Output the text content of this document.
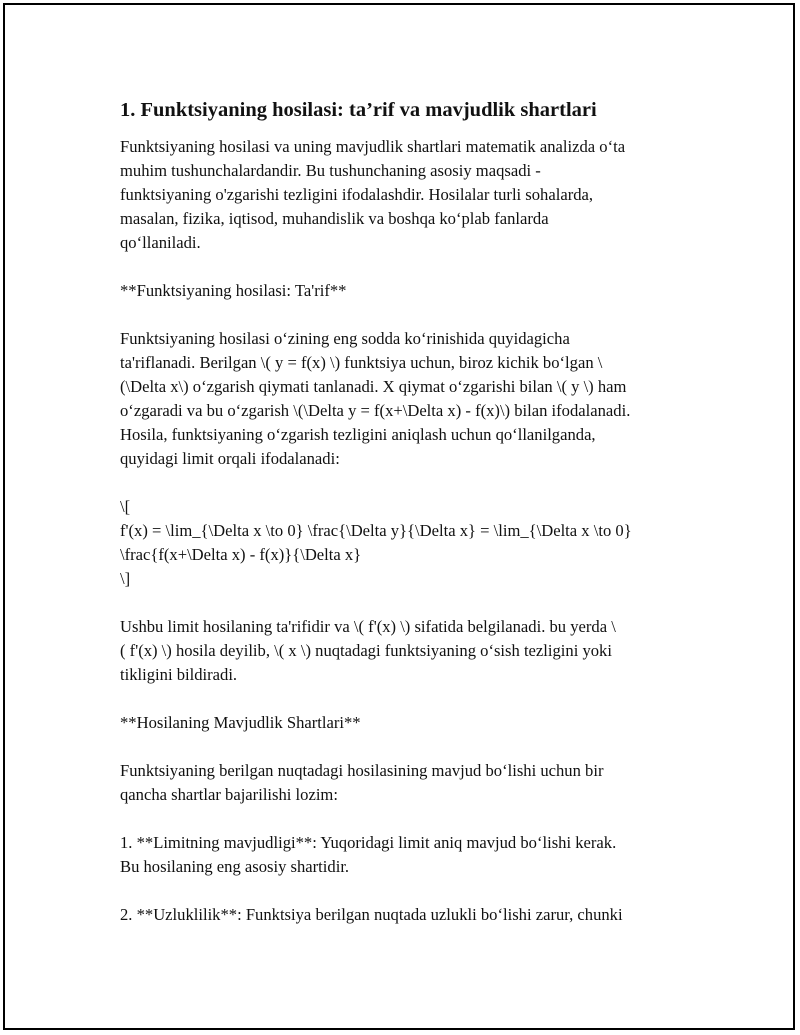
1. Funktsiyaning hosilasi: ta’rif va mavjudlik shartlari

Funktsiyaning hosilasi va uning mavjudlik shartlari matematik analizda o‘ta
muhim tushunchalardandir. Bu tushunchaning asosiy maqsadi -
funktsiyaning o'zgarishi tezligini ifodalashdir. Hosilalar turli sohalarda,
masalan, fizika, iqtisod, muhandislik va boshqa ko‘plab fanlarda
qo‘llaniladi.

**Funktsiyaning hosilasi: Ta'rif**

Funktsiyaning hosilasi o‘zining eng sodda ko‘rinishida quyidagicha
ta'riflanadi. Berilgan \( y = f(x) \) funktsiya uchun, biroz kichik bo‘lgan \
(\Delta x\) o‘zgarish qiymati tanlanadi. X qiymat o‘zgarishi bilan \( y \) ham
o‘zgaradi va bu o‘zgarish \(\Delta y = f(x+\Delta x) - f(x)\) bilan ifodalanadi.
Hosila, funktsiyaning o‘zgarish tezligini aniqlash uchun qo‘llanilganda,
quyidagi limit orqali ifodalanadi:

\[
f'(x) = \lim_{\Delta x \to 0} \frac{\Delta y}{\Delta x} = \lim_{\Delta x \to 0}
\frac{f(x+\Delta x) - f(x)}{\Delta x}
\]

Ushbu limit hosilaning ta'rifidir va \( f'(x) \) sifatida belgilanadi. bu yerda \
( f'(x) \) hosila deyilib, \( x \) nuqtadagi funktsiyaning o‘sish tezligini yoki
tikligini bildiradi.

**Hosilaning Mavjudlik Shartlari**

Funktsiyaning berilgan nuqtadagi hosilasining mavjud bo‘lishi uchun bir
qancha shartlar bajarilishi lozim:

1. **Limitning mavjudligi**: Yuqoridagi limit aniq mavjud bo‘lishi kerak.
Bu hosilaning eng asosiy shartidir.

2. **Uzluklilik**: Funktsiya berilgan nuqtada uzlukli bo‘lishi zarur, chunki
